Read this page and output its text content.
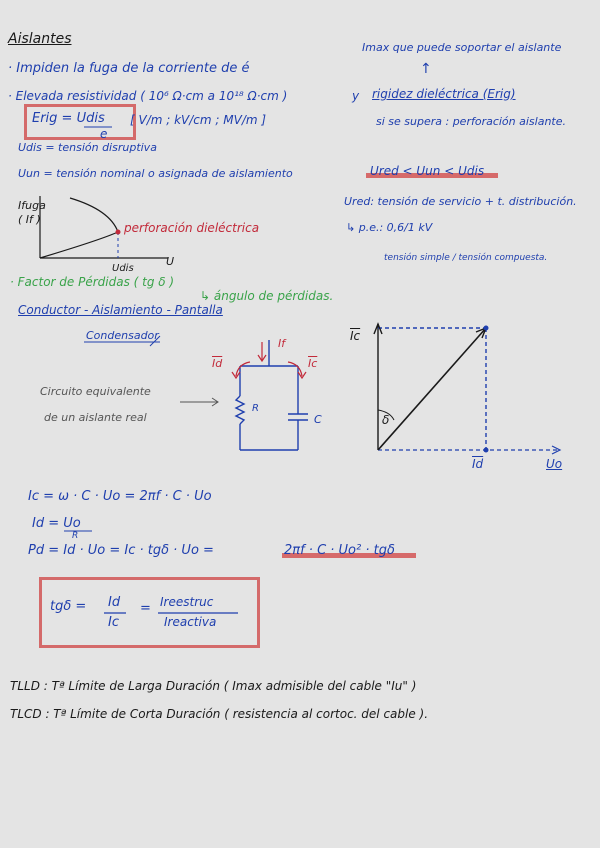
Aislantes
· Impiden la fuga de la corriente de é
Imax que puede soportar el aislante
↑
· Elevada resistividad ( 10⁶ Ω·cm a 10¹⁸ Ω·cm )	y rigidez dieléctrica (Erig)
Erig = Udis
e
[ V/m ; kV/cm ; MV/m ]	si se supera : perforación aislante.
Udis = tensión disruptiva
Uun = tensión nominal o asignada de aislamiento	Ured < Uun < Udis
Ured: tensión de servicio + t. distribución.
↳ p.e.: 0,6/1 kV
tensión simple / tensión compuesta.
Ifuga
( If )
perforación dieléctrica
Udis
U
· Factor de Pérdidas ( tg δ )
↳ ángulo de pérdidas.
Conductor - Aislamiento - Pantalla
Condensador
Circuito equivalente
de un aislante real
If
$\overline{Id}$	$\overline{Ic}$
R
C
$\overline{Ic}$
δ
$\overline{Id}$	Uo
Ic = ω · C · Uo = 2πf · C · Uo
Id = Uo
R
Pd = Id · Uo = Ic · tgδ · Uo =	2πf · C · Uo² · tgδ
tgδ = Id
Ic
= Ireestruc
Ireactiva
TLLD : Tª Límite de Larga Duración ( Imax admisible del cable "Iu" )
TLCD : Tª Límite de Corta Duración ( resistencia al cortoc. del cable ).
